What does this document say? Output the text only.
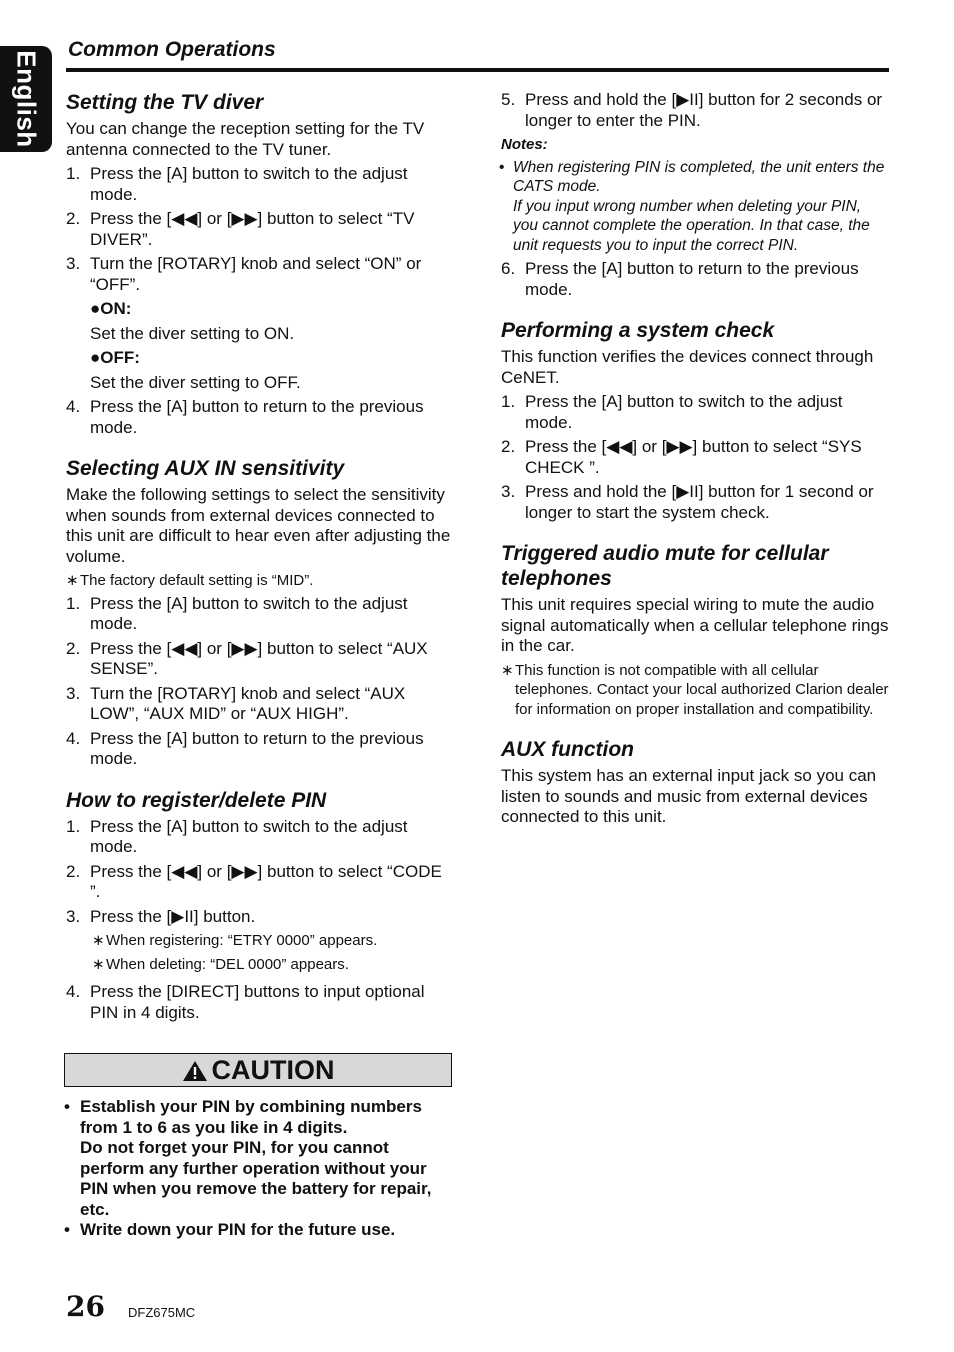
English
Common Operations
Setting the TV diver

You can change the reception setting for the TV antenna connected to the TV tuner.

1. Press the [A] button to switch to the adjust mode.
2. Press the [◀◀] or [▶▶] button to select “TV DIVER”.
3. Turn the [ROTARY] knob and select “ON” or “OFF”.
●ON:
Set the diver setting to ON.
●OFF:
Set the diver setting to OFF.
4. Press the [A] button to return to the previous mode.
Selecting AUX IN sensitivity

Make the following settings to select the sensitivity when sounds from external devices connected to this unit are difficult to hear even after adjusting the volume.

∗ The factory default setting is “MID”.
1. Press the [A] button to switch to the adjust mode.
2. Press the [◀◀] or [▶▶] button to select “AUX SENSE”.
3. Turn the [ROTARY] knob and select “AUX LOW”, “AUX MID” or “AUX HIGH”.
4. Press the [A] button to return to the previous mode.
How to register/delete PIN
1. Press the [A] button to switch to the adjust mode.
2. Press the [◀◀] or [▶▶] button to select “CODE ”.
3. Press the [▶II] button.
∗ When registering: “ETRY 0000” appears.
∗ When deleting: “DEL 0000” appears.
4. Press the [DIRECT] buttons to input optional PIN in 4 digits.
CAUTION
• Establish your PIN by combining numbers from 1 to 6 as you like in 4 digits.
Do not forget your PIN, for you cannot perform any further operation without your PIN when you remove the battery for repair, etc.
• Write down your PIN for the future use.
5. Press and hold the [▶II] button for 2 seconds or longer to enter the PIN.
Notes:
• When registering PIN is completed, the unit enters the CATS mode.
If you input wrong number when deleting your PIN, you cannot complete the operation. In that case, the unit requests you to input the correct PIN.
6. Press the [A] button to return to the previous mode.
Performing a system check

This function verifies the devices connect through CeNET.

1. Press the [A] button to switch to the adjust mode.
2. Press the [◀◀] or [▶▶] button to select “SYS CHECK ”.
3. Press and hold the [▶II] button for 1 second or longer to start the system check.
Triggered audio mute for cellular telephones

This unit requires special wiring to mute the audio signal automatically when a cellular telephone rings in the car.

∗ This function is not compatible with all cellular telephones. Contact your local authorized Clarion dealer for information on proper installation and compatibility.
AUX function

This system has an external input jack so you can listen to sounds and music from external devices connected to this unit.

26 DFZ675MC
